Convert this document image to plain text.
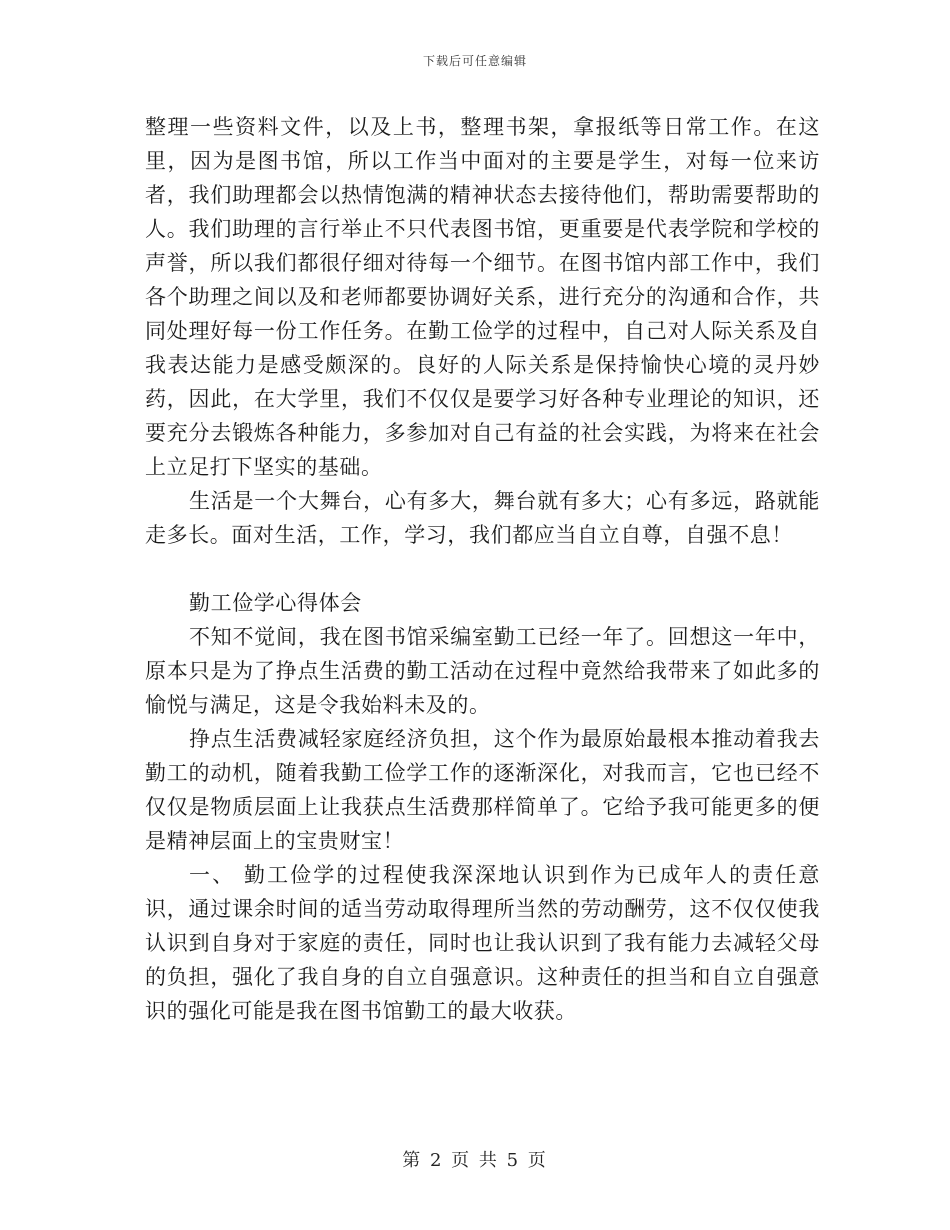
下载后可任意编辑

整理一些资料文件，以及上书，整理书架，拿报纸等日常工作。在这里，因为是图书馆，所以工作当中面对的主要是学生，对每一位来访者，我们助理都会以热情饱满的精神状态去接待他们，帮助需要帮助的人。我们助理的言行举止不只代表图书馆，更重要是代表学院和学校的声誉，所以我们都很仔细对待每一个细节。在图书馆内部工作中，我们各个助理之间以及和老师都要协调好关系，进行充分的沟通和合作，共同处理好每一份工作任务。在勤工俭学的过程中，自己对人际关系及自我表达能力是感受颇深的。良好的人际关系是保持愉快心境的灵丹妙药，因此，在大学里，我们不仅仅是要学习好各种专业理论的知识，还要充分去锻炼各种能力，多参加对自己有益的社会实践，为将来在社会上立足打下坚实的基础。

生活是一个大舞台，心有多大，舞台就有多大；心有多远，路就能走多长。面对生活，工作，学习，我们都应当自立自尊，自强不息！

勤工俭学心得体会

不知不觉间，我在图书馆采编室勤工已经一年了。回想这一年中，原本只是为了挣点生活费的勤工活动在过程中竟然给我带来了如此多的愉悦与满足，这是令我始料未及的。

挣点生活费减轻家庭经济负担，这个作为最原始最根本推动着我去勤工的动机，随着我勤工俭学工作的逐渐深化，对我而言，它也已经不仅仅是物质层面上让我获点生活费那样简单了。它给予我可能更多的便是精神层面上的宝贵财宝！

一、 勤工俭学的过程使我深深地认识到作为已成年人的责任意识，通过课余时间的适当劳动取得理所当然的劳动酬劳，这不仅仅使我认识到自身对于家庭的责任，同时也让我认识到了我有能力去减轻父母的负担，强化了我自身的自立自强意识。这种责任的担当和自立自强意识的强化可能是我在图书馆勤工的最大收获。

第 2 页 共 5 页
